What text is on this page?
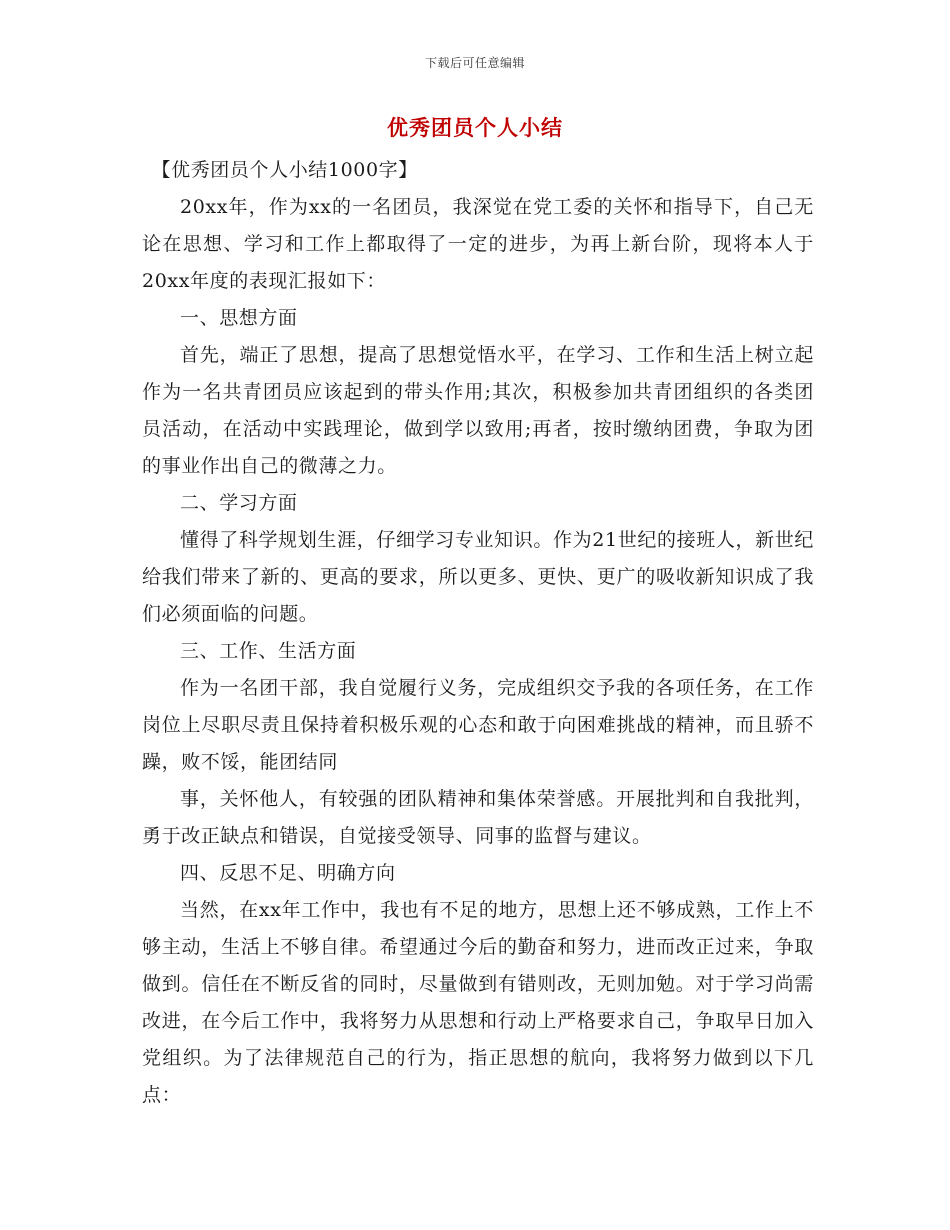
下载后可任意编辑
优秀团员个人小结

【优秀团员个人小结1000字】

20xx年，作为xx的一名团员，我深觉在党工委的关怀和指导下，自己无论在思想、学习和工作上都取得了一定的进步，为再上新台阶，现将本人于20xx年度的表现汇报如下：

一、思想方面

首先，端正了思想，提高了思想觉悟水平，在学习、工作和生活上树立起作为一名共青团员应该起到的带头作用;其次，积极参加共青团组织的各类团员活动，在活动中实践理论，做到学以致用;再者，按时缴纳团费，争取为团的事业作出自己的微薄之力。

二、学习方面

懂得了科学规划生涯，仔细学习专业知识。作为21世纪的接班人，新世纪给我们带来了新的、更高的要求，所以更多、更快、更广的吸收新知识成了我们必须面临的问题。

三、工作、生活方面

作为一名团干部，我自觉履行义务，完成组织交予我的各项任务，在工作岗位上尽职尽责且保持着积极乐观的心态和敢于向困难挑战的精神，而且骄不躁，败不馁，能团结同

事，关怀他人，有较强的团队精神和集体荣誉感。开展批判和自我批判，勇于改正缺点和错误，自觉接受领导、同事的监督与建议。

四、反思不足、明确方向

当然，在xx年工作中，我也有不足的地方，思想上还不够成熟，工作上不够主动，生活上不够自律。希望通过今后的勤奋和努力，进而改正过来，争取做到。信任在不断反省的同时，尽量做到有错则改，无则加勉。对于学习尚需改进，在今后工作中，我将努力从思想和行动上严格要求自己，争取早日加入党组织。为了法律规范自己的行为，指正思想的航向，我将努力做到以下几点：
